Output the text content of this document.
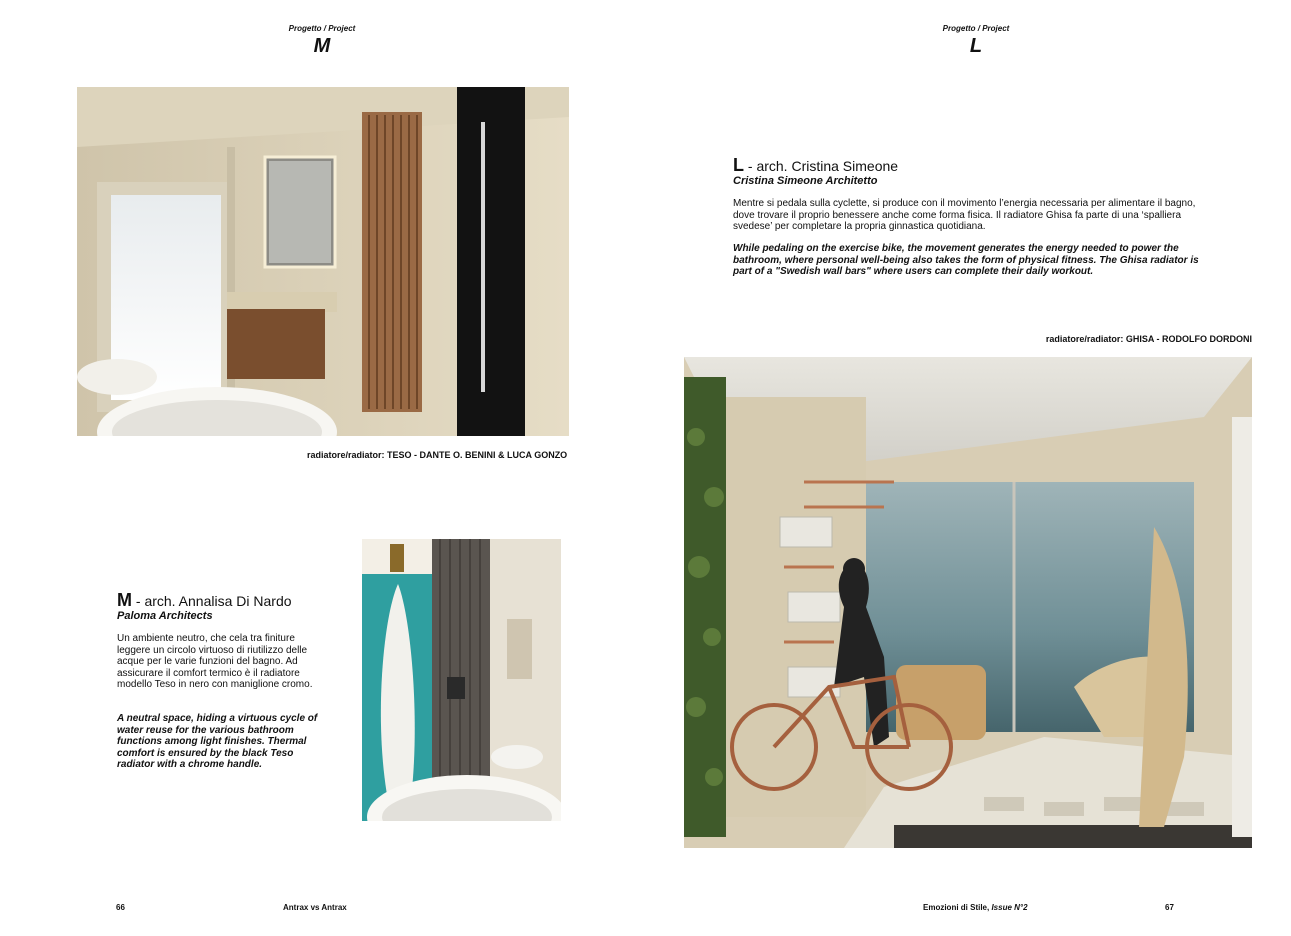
Progetto / Project
M
Progetto / Project
L
radiatore/radiator: TESO - DANTE O. BENINI & LUCA GONZO
M - arch. Annalisa Di Nardo
Paloma Architects
Un ambiente neutro, che cela tra finiture leggere un circolo virtuoso di riutilizzo delle acque per le varie funzioni del bagno. Ad assicurare il comfort termico è il radiatore modello Teso in nero con maniglione cromo.
A neutral space, hiding a virtuous cycle of water reuse for the various bathroom functions among light finishes. Thermal comfort is ensured by the black Teso radiator with a chrome handle.
L - arch. Cristina Simeone
Cristina Simeone Architetto
Mentre si pedala sulla cyclette, si produce con il movimento l’energia necessaria per alimentare il bagno, dove trovare il proprio benessere anche come forma fisica. Il radiatore Ghisa fa parte di una ‘spalliera svedese’ per completare la propria ginnastica quotidiana.
While pedaling on the exercise bike, the movement generates the energy needed to power the bathroom, where personal well-being also takes the form of physical fitness. The Ghisa radiator is part of a "Swedish wall bars" where users can complete their daily workout.
radiatore/radiator: GHISA - RODOLFO DORDONI
66	Antrax vs Antrax	Emozioni di Stile, Issue N°2	67
